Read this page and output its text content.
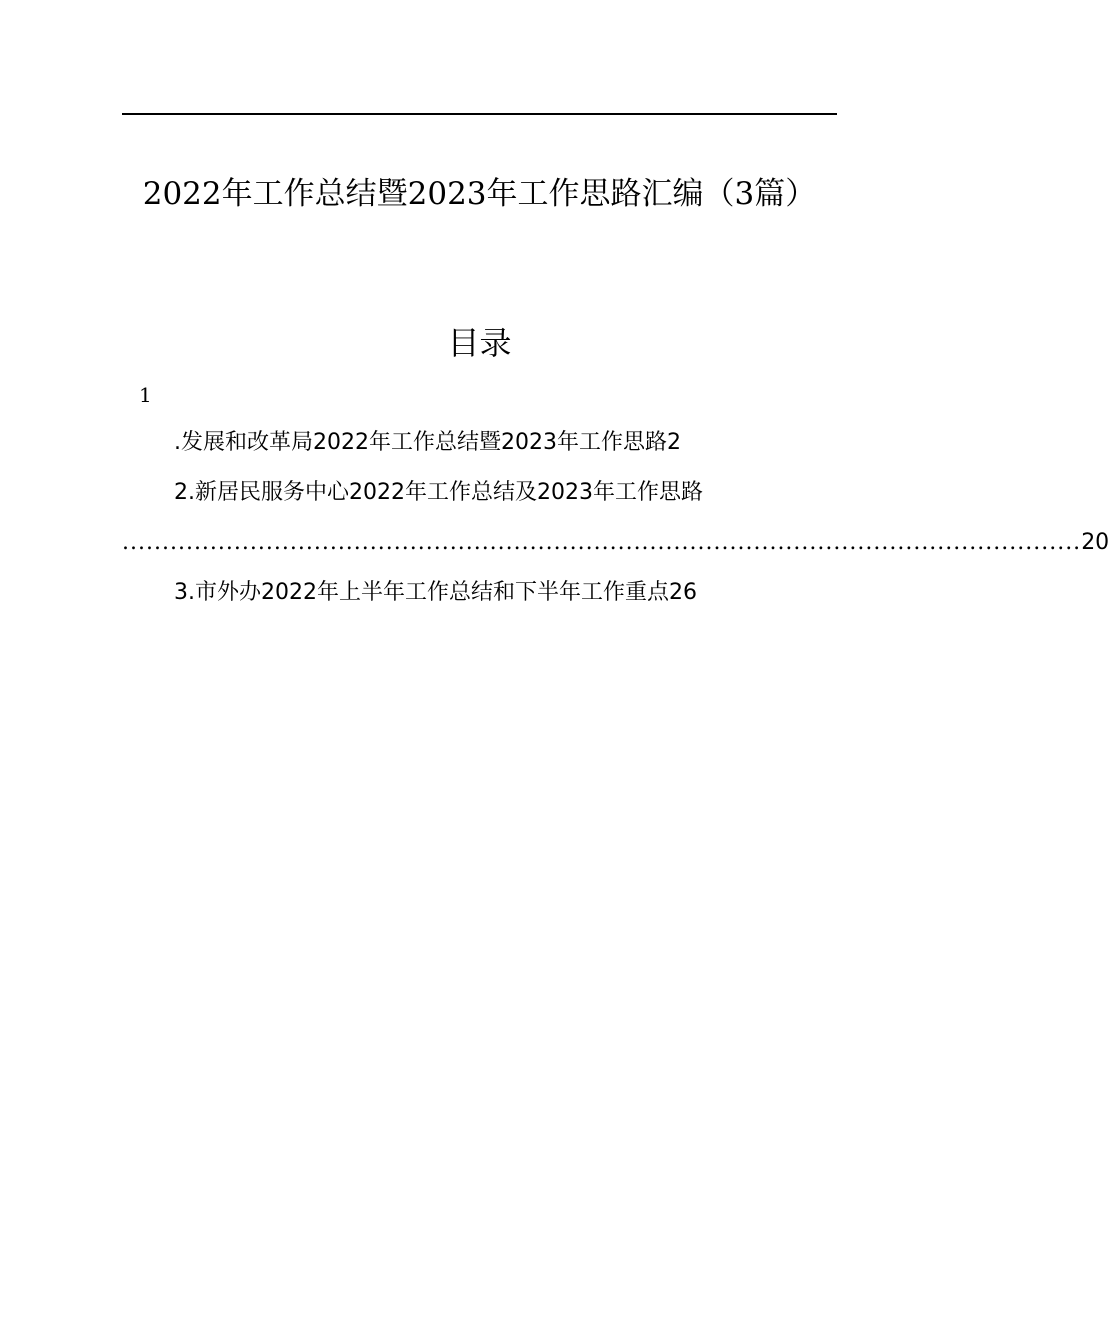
2022年工作总结暨2023年工作思路汇编（3篇）
目录
1
.发展和改革局2022年工作总结暨2023年工作思路2
2.新居民服务中心2022年工作总结及2023年工作思路
........................................................................................................................ 20
3.市外办2022年上半年工作总结和下半年工作重点26
